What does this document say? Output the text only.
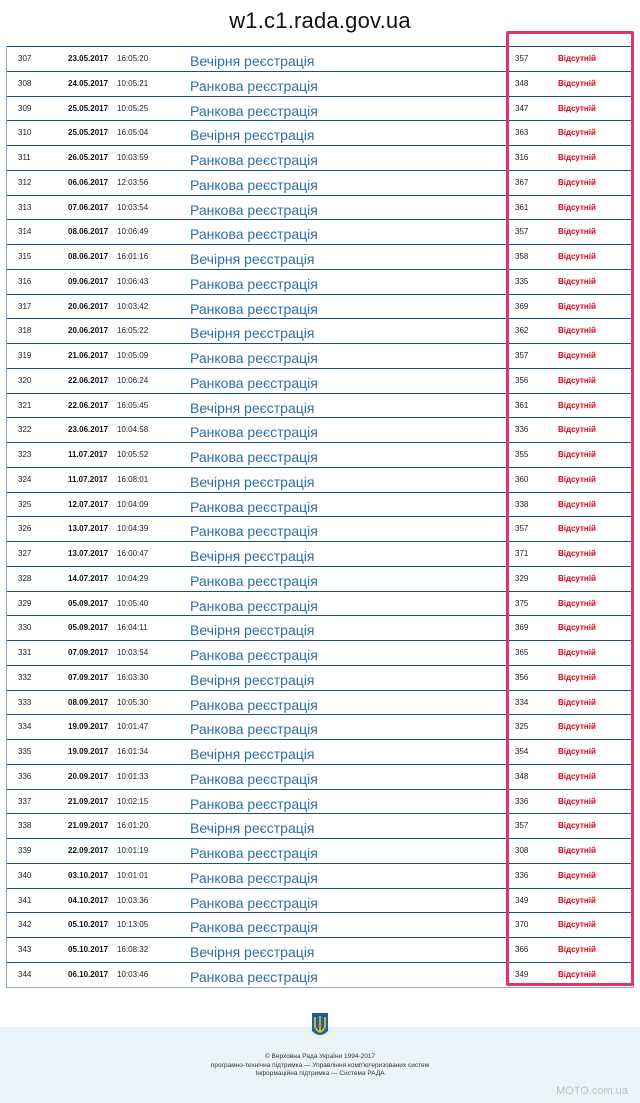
w1.c1.rada.gov.ua
307	23.05.2017 16:05:20	Вечірня реєстрація	357	Відсутній
308	24.05.2017 10:05:21	Ранкова реєстрація	348	Відсутній
309	25.05.2017 10:05:25	Ранкова реєстрація	347	Відсутній
310	25.05.2017 16:05:04	Вечірня реєстрація	363	Відсутній
311	26.05.2017 10:03:59	Ранкова реєстрація	316	Відсутній
312	06.06.2017 12:03:56	Ранкова реєстрація	367	Відсутній
313	07.06.2017 10:03:54	Ранкова реєстрація	361	Відсутній
314	08.06.2017 10:06:49	Ранкова реєстрація	357	Відсутній
315	08.06.2017 16:01:16	Вечірня реєстрація	358	Відсутній
316	09.06.2017 10:06:43	Ранкова реєстрація	335	Відсутній
317	20.06.2017 10:03:42	Ранкова реєстрація	369	Відсутній
318	20.06.2017 16:05:22	Вечірня реєстрація	362	Відсутній
319	21.06.2017 10:05:09	Ранкова реєстрація	357	Відсутній
320	22.06.2017 10:06:24	Ранкова реєстрація	356	Відсутній
321	22.06.2017 16:05:45	Вечірня реєстрація	361	Відсутній
322	23.06.2017 10:04:58	Ранкова реєстрація	336	Відсутній
323	11.07.2017 10:05:52	Ранкова реєстрація	355	Відсутній
324	11.07.2017 16:08:01	Вечірня реєстрація	360	Відсутній
325	12.07.2017 10:04:09	Ранкова реєстрація	338	Відсутній
326	13.07.2017 10:04:39	Ранкова реєстрація	357	Відсутній
327	13.07.2017 16:00:47	Вечірня реєстрація	371	Відсутній
328	14.07.2017 10:04:29	Ранкова реєстрація	329	Відсутній
329	05.09.2017 10:05:40	Ранкова реєстрація	375	Відсутній
330	05.09.2017 16:04:11	Вечірня реєстрація	369	Відсутній
331	07.09.2017 10:03:54	Ранкова реєстрація	365	Відсутній
332	07.09.2017 16:03:30	Вечірня реєстрація	356	Відсутній
333	08.09.2017 10:05:30	Ранкова реєстрація	334	Відсутній
334	19.09.2017 10:01:47	Ранкова реєстрація	325	Відсутній
335	19.09.2017 16:01:34	Вечірня реєстрація	354	Відсутній
336	20.09.2017 10:01:33	Ранкова реєстрація	348	Відсутній
337	21.09.2017 10:02:15	Ранкова реєстрація	336	Відсутній
338	21.09.2017 16:01:20	Вечірня реєстрація	357	Відсутній
339	22.09.2017 10:01:19	Ранкова реєстрація	308	Відсутній
340	03.10.2017 10:01:01	Ранкова реєстрація	336	Відсутній
341	04.10.2017 10:03:36	Ранкова реєстрація	349	Відсутній
342	05.10.2017 10:13:05	Ранкова реєстрація	370	Відсутній
343	05.10.2017 16:08:32	Вечірня реєстрація	366	Відсутній
344	06.10.2017 10:03:46	Ранкова реєстрація	349	Відсутній
© Верховна Рада України 1994-2017
програмно-технічна підтримка — Управління комп'ютеризованих систем
Інформаційна підтримка — Система РАДА
MOTO.com.ua
